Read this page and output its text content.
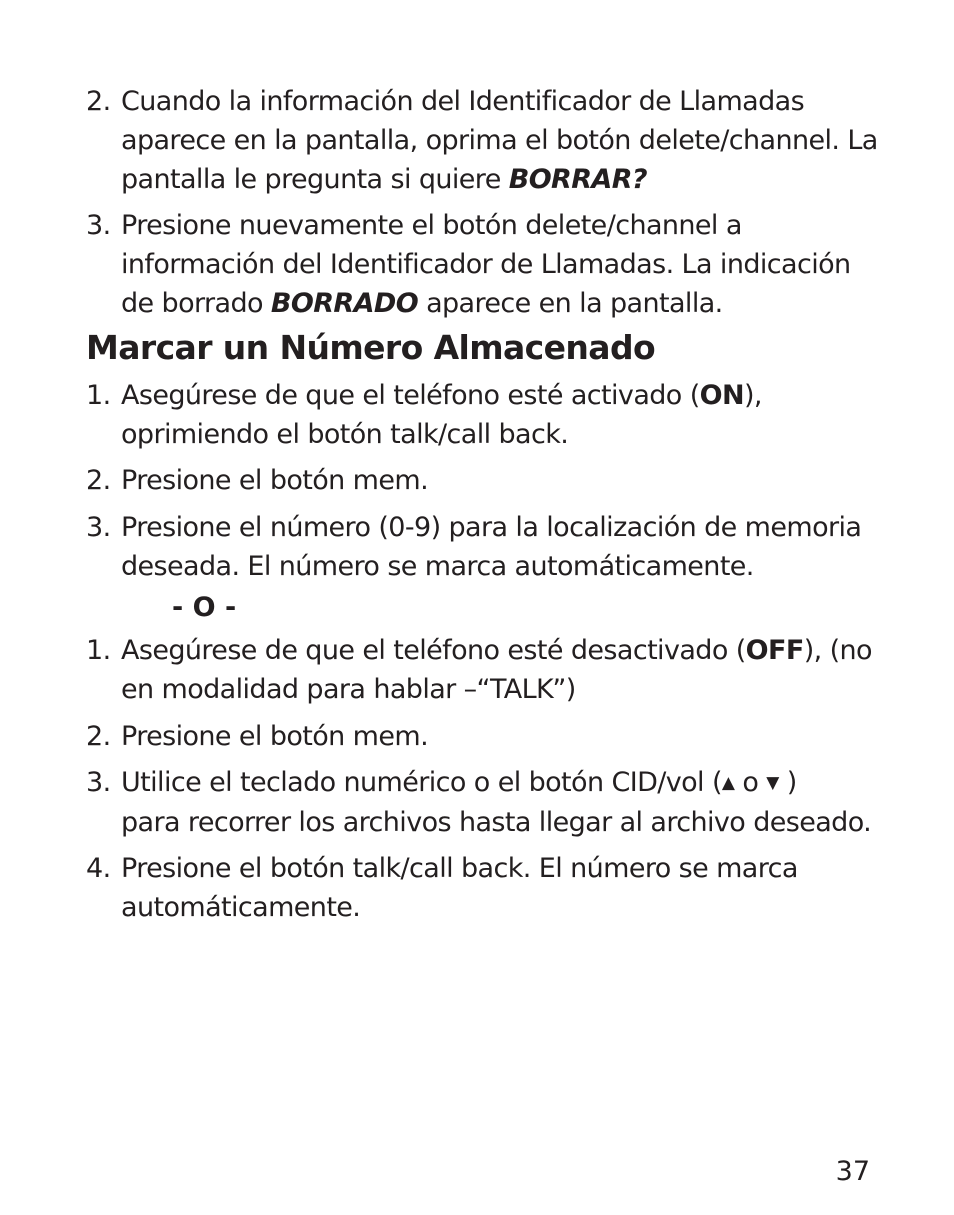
2. Cuando la información del Identificador de Llamadas
aparece en la pantalla, oprima el botón delete/channel. La
pantalla le pregunta si quiere BORRAR?
3. Presione nuevamente el botón delete/channel a
información del Identificador de Llamadas. La indicación
de borrado BORRADO aparece en la pantalla.
Marcar un Número Almacenado
1. Asegúrese de que el teléfono esté activado (ON),
oprimiendo el botón talk/call back.
2. Presione el botón mem.
3. Presione el número (0-9) para la localización de memoria
deseada. El número se marca automáticamente.
- O -
1. Asegúrese de que el teléfono esté desactivado (OFF), (no
en modalidad para hablar –“TALK”)
2. Presione el botón mem.
3. Utilice el teclado numérico o el botón CID/vol (▲ o ▼ )
para recorrer los archivos hasta llegar al archivo deseado.
4. Presione el botón talk/call back. El número se marca
automáticamente.
37
